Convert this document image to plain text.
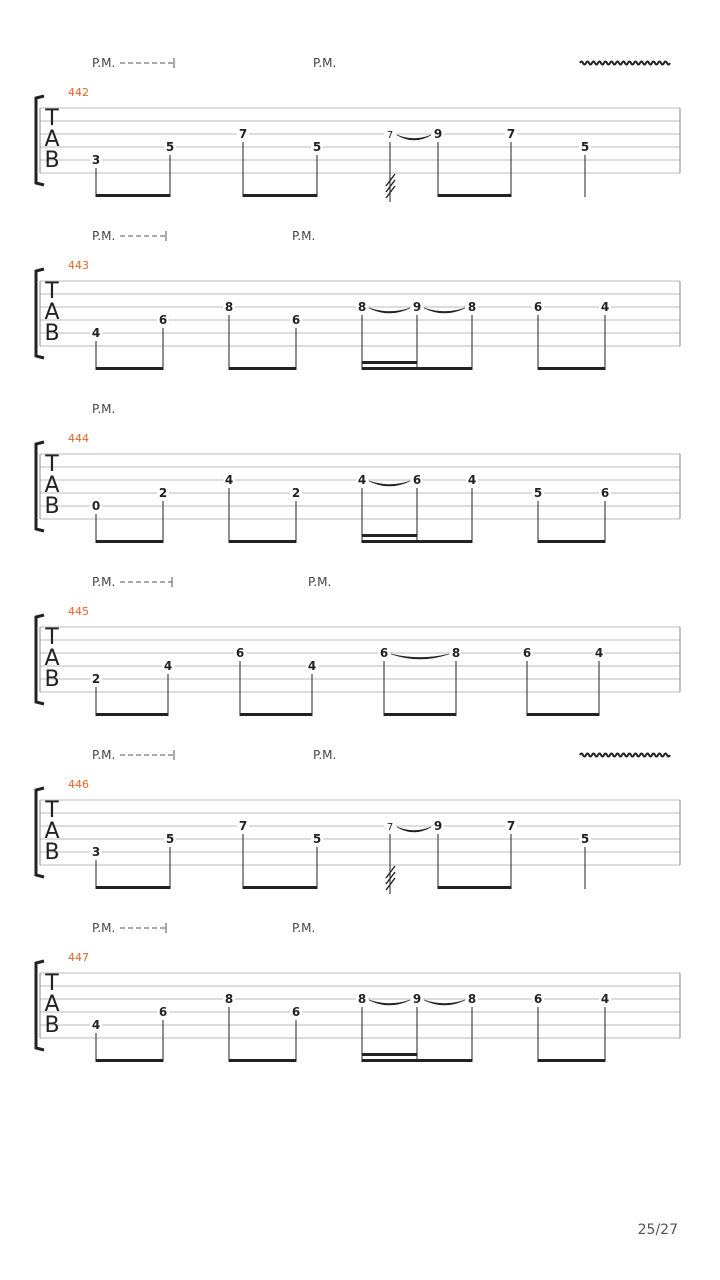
T
A
B
442
P.M.	P.M.
3
5
7
5
7	9	7
5
T
A
B
443
P.M.	P.M.
4
6
8
6
8	9	8	6	4
T
A
B
444
P.M.
0
2
4
2
4	6	4
5	6
T
A
B
445
P.M.	P.M.
2
4
6
4
6	8	6	4
T
A
B
446
P.M.	P.M.
3
5
7
5
7	9	7
5
T
A
B
447
P.M.	P.M.
4
6
8
6
8	9	8	6	4
25/27
